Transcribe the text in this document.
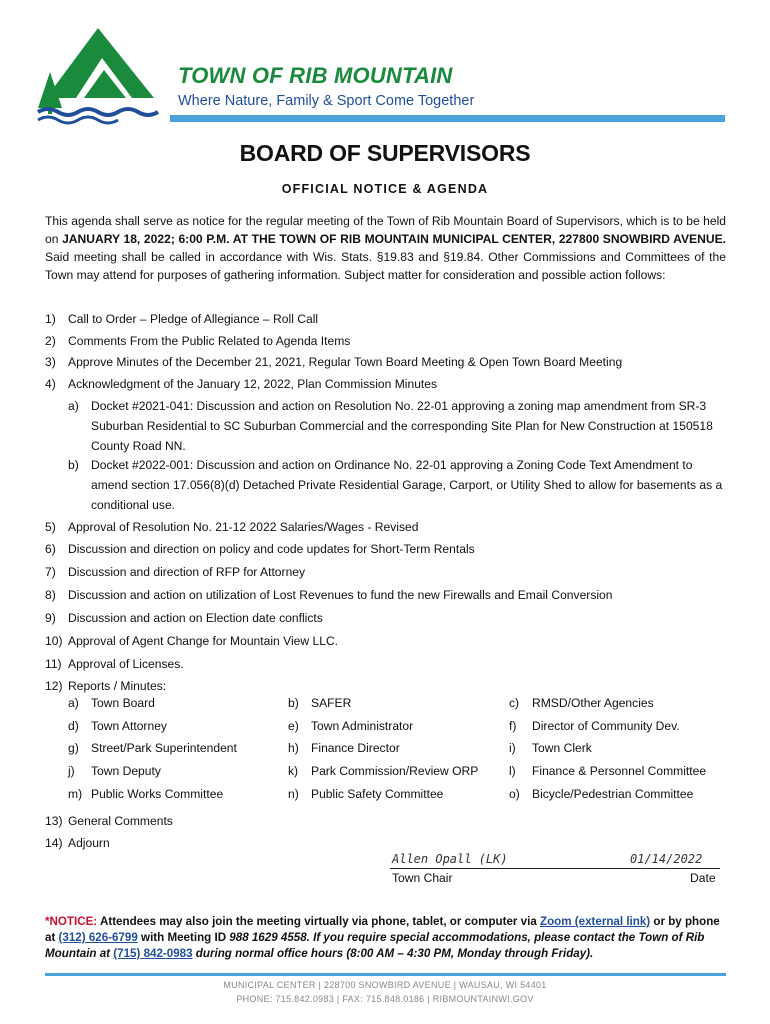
TOWN OF RIB MOUNTAIN
Where Nature, Family & Sport Come Together
BOARD OF SUPERVISORS
OFFICIAL NOTICE & AGENDA
This agenda shall serve as notice for the regular meeting of the Town of Rib Mountain Board of Supervisors, which is to be held on JANUARY 18, 2022; 6:00 P.M. AT THE TOWN OF RIB MOUNTAIN MUNICIPAL CENTER, 227800 SNOWBIRD AVENUE. Said meeting shall be called in accordance with Wis. Stats. §19.83 and §19.84. Other Commissions and Committees of the Town may attend for purposes of gathering information. Subject matter for consideration and possible action follows:
1) Call to Order – Pledge of Allegiance – Roll Call
2) Comments From the Public Related to Agenda Items
3) Approve Minutes of the December 21, 2021, Regular Town Board Meeting & Open Town Board Meeting
4) Acknowledgment of the January 12, 2022, Plan Commission Minutes
a) Docket #2021-041: Discussion and action on Resolution No. 22-01 approving a zoning map amendment from SR-3 Suburban Residential to SC Suburban Commercial and the corresponding Site Plan for New Construction at 150518 County Road NN.
b) Docket #2022-001: Discussion and action on Ordinance No. 22-01 approving a Zoning Code Text Amendment to amend section 17.056(8)(d) Detached Private Residential Garage, Carport, or Utility Shed to allow for basements as a conditional use.
5) Approval of Resolution No. 21-12 2022 Salaries/Wages - Revised
6) Discussion and direction on policy and code updates for Short-Term Rentals
7) Discussion and direction of RFP for Attorney
8) Discussion and action on utilization of Lost Revenues to fund the new Firewalls and Email Conversion
9) Discussion and action on Election date conflicts
10) Approval of Agent Change for Mountain View LLC.
11) Approval of Licenses.
12) Reports / Minutes:
a) Town Board	b) SAFER	c) RMSD/Other Agencies
d) Town Attorney	e) Town Administrator	f) Director of Community Dev.
g) Street/Park Superintendent	h) Finance Director	i) Town Clerk
j) Town Deputy	k) Park Commission/Review ORP	l) Finance & Personnel Committee
m) Public Works Committee	n) Public Safety Committee	o) Bicycle/Pedestrian Committee
13) General Comments
14) Adjourn
Allen Opall (LK)	01/14/2022
Town Chair	Date
*NOTICE: Attendees may also join the meeting virtually via phone, tablet, or computer via Zoom (external link) or by phone at (312) 626-6799 with Meeting ID 988 1629 4558. If you require special accommodations, please contact the Town of Rib Mountain at (715) 842-0983 during normal office hours (8:00 AM – 4:30 PM, Monday through Friday).
MUNICIPAL CENTER | 228700 SNOWBIRD AVENUE | WAUSAU, WI 54401
PHONE: 715.842.0983 | FAX: 715.848.0186 | RIBMOUNTAINWI.GOV
